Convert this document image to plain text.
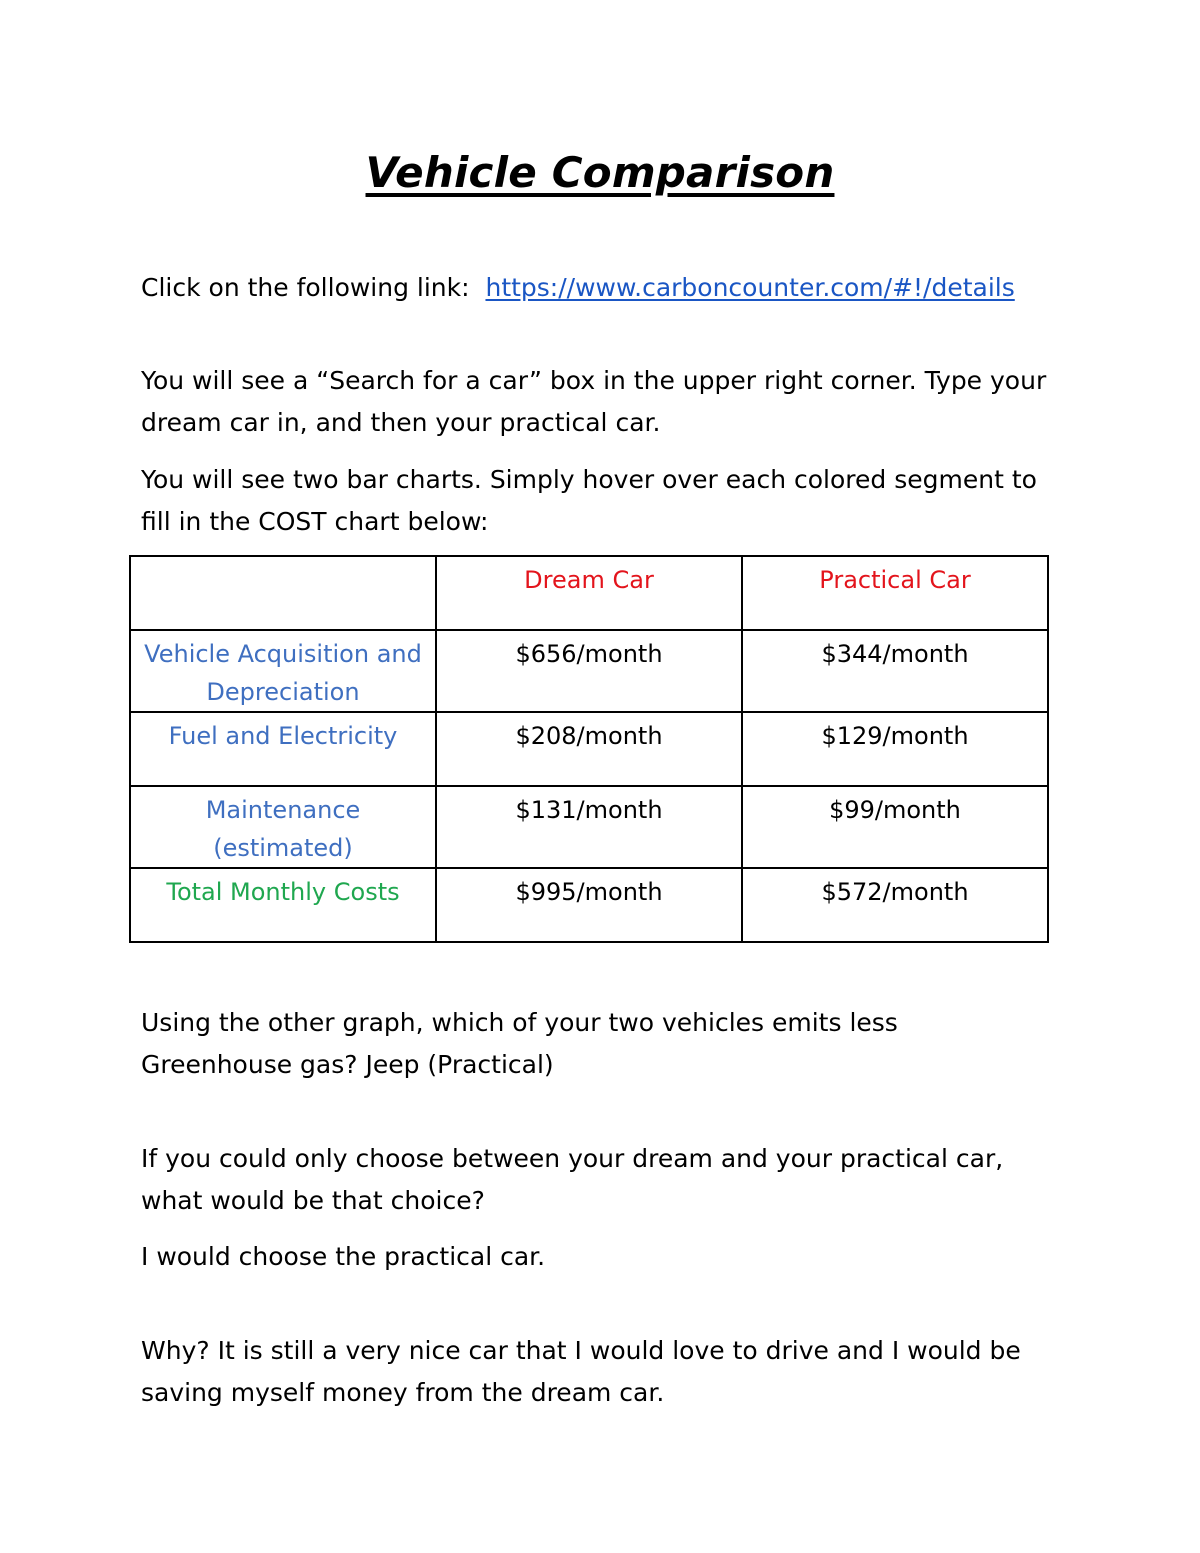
Vehicle Comparison
Click on the following link: https://www.carboncounter.com/#!/details
You will see a “Search for a car” box in the upper right corner. Type your dream car in, and then your practical car.
You will see two bar charts. Simply hover over each colored segment to fill in the COST chart below:
	Dream Car	Practical Car
Vehicle Acquisition and Depreciation	$656/month	$344/month
Fuel and Electricity	$208/month	$129/month
Maintenance (estimated)	$131/month	$99/month
Total Monthly Costs	$995/month	$572/month
Using the other graph, which of your two vehicles emits less Greenhouse gas? Jeep (Practical)
If you could only choose between your dream and your practical car, what would be that choice?
I would choose the practical car.
Why? It is still a very nice car that I would love to drive and I would be saving myself money from the dream car.
